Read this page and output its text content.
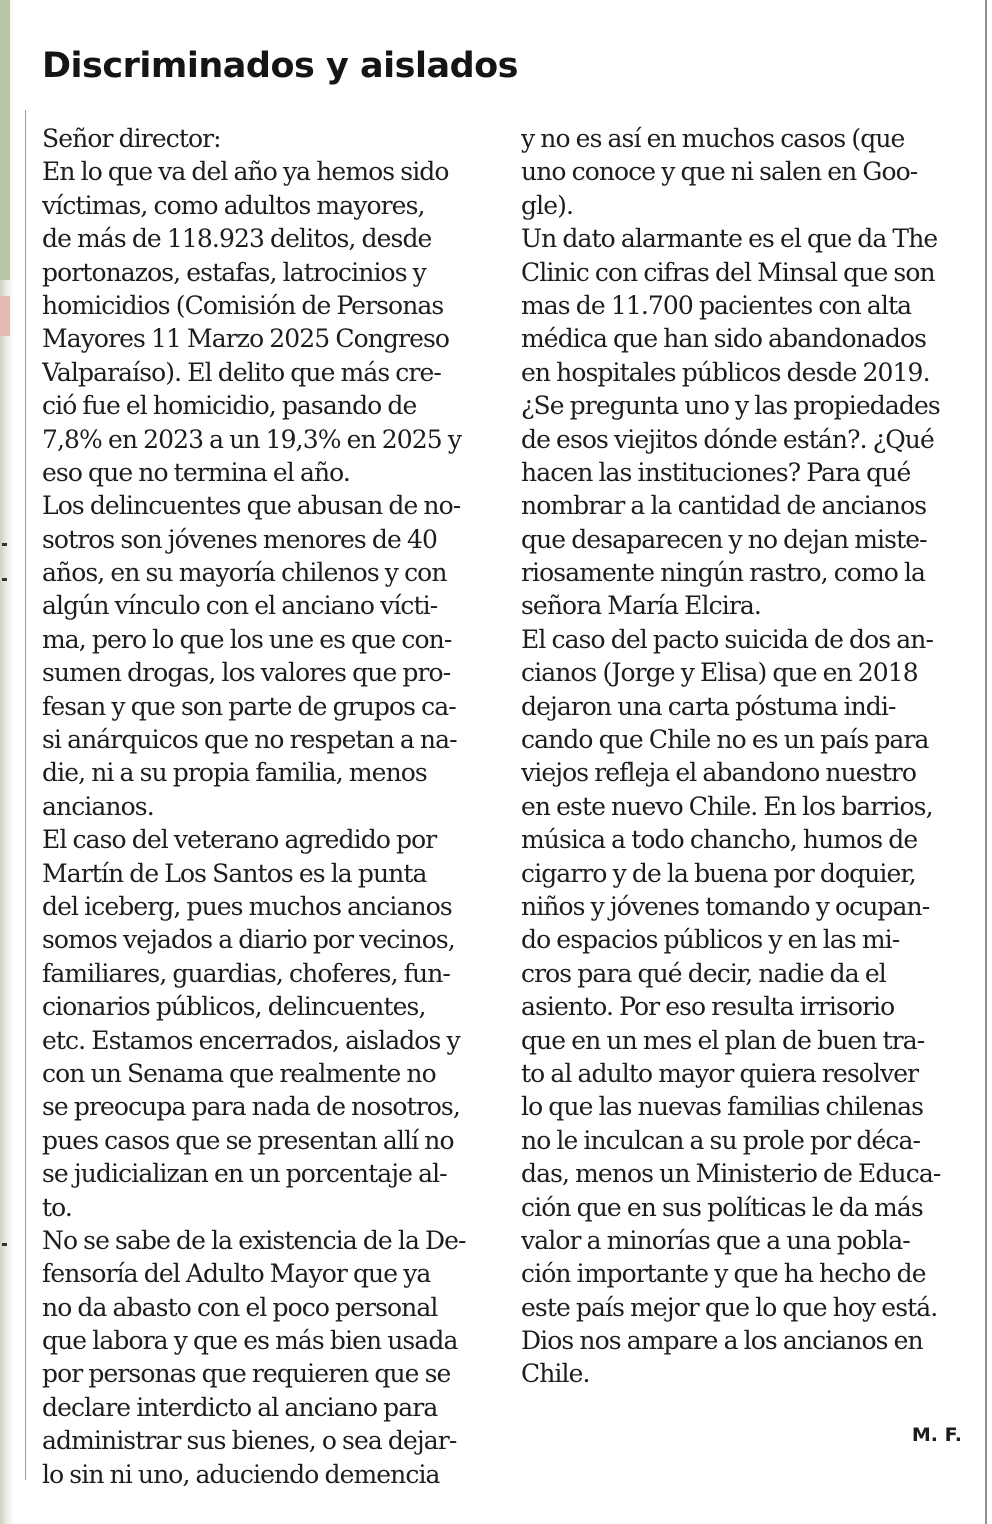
Discriminados y aislados
Señor director:
En lo que va del año ya hemos sido
víctimas, como adultos mayores,
de más de 118.923 delitos, desde
portonazos, estafas, latrocinios y
homicidios (Comisión de Personas
Mayores 11 Marzo 2025 Congreso
Valparaíso). El delito que más cre-
ció fue el homicidio, pasando de
7,8% en 2023 a un 19,3% en 2025 y
eso que no termina el año.
Los delincuentes que abusan de no-
sotros son jóvenes menores de 40
años, en su mayoría chilenos y con
algún vínculo con el anciano vícti-
ma, pero lo que los une es que con-
sumen drogas, los valores que pro-
fesan y que son parte de grupos ca-
si anárquicos que no respetan a na-
die, ni a su propia familia, menos
ancianos.
El caso del veterano agredido por
Martín de Los Santos es la punta
del iceberg, pues muchos ancianos
somos vejados a diario por vecinos,
familiares, guardias, choferes, fun-
cionarios públicos, delincuentes,
etc. Estamos encerrados, aislados y
con un Senama que realmente no
se preocupa para nada de nosotros,
pues casos que se presentan allí no
se judicializan en un porcentaje al-
to.
No se sabe de la existencia de la De-
fensoría del Adulto Mayor que ya
no da abasto con el poco personal
que labora y que es más bien usada
por personas que requieren que se
declare interdicto al anciano para
administrar sus bienes, o sea dejar-
lo sin ni uno, aduciendo demencia
y no es así en muchos casos (que
uno conoce y que ni salen en Goo-
gle).
Un dato alarmante es el que da The
Clinic con cifras del Minsal que son
mas de 11.700 pacientes con alta
médica que han sido abandonados
en hospitales públicos desde 2019.
¿Se pregunta uno y las propiedades
de esos viejitos dónde están?. ¿Qué
hacen las instituciones? Para qué
nombrar a la cantidad de ancianos
que desaparecen y no dejan miste-
riosamente ningún rastro, como la
señora María Elcira.
El caso del pacto suicida de dos an-
cianos (Jorge y Elisa) que en 2018
dejaron una carta póstuma indi-
cando que Chile no es un país para
viejos refleja el abandono nuestro
en este nuevo Chile. En los barrios,
música a todo chancho, humos de
cigarro y de la buena por doquier,
niños y jóvenes tomando y ocupan-
do espacios públicos y en las mi-
cros para qué decir, nadie da el
asiento. Por eso resulta irrisorio
que en un mes el plan de buen tra-
to al adulto mayor quiera resolver
lo que las nuevas familias chilenas
no le inculcan a su prole por déca-
das, menos un Ministerio de Educa-
ción que en sus políticas le da más
valor a minorías que a una pobla-
ción importante y que ha hecho de
este país mejor que lo que hoy está.
Dios nos ampare a los ancianos en
Chile.
M. F.
